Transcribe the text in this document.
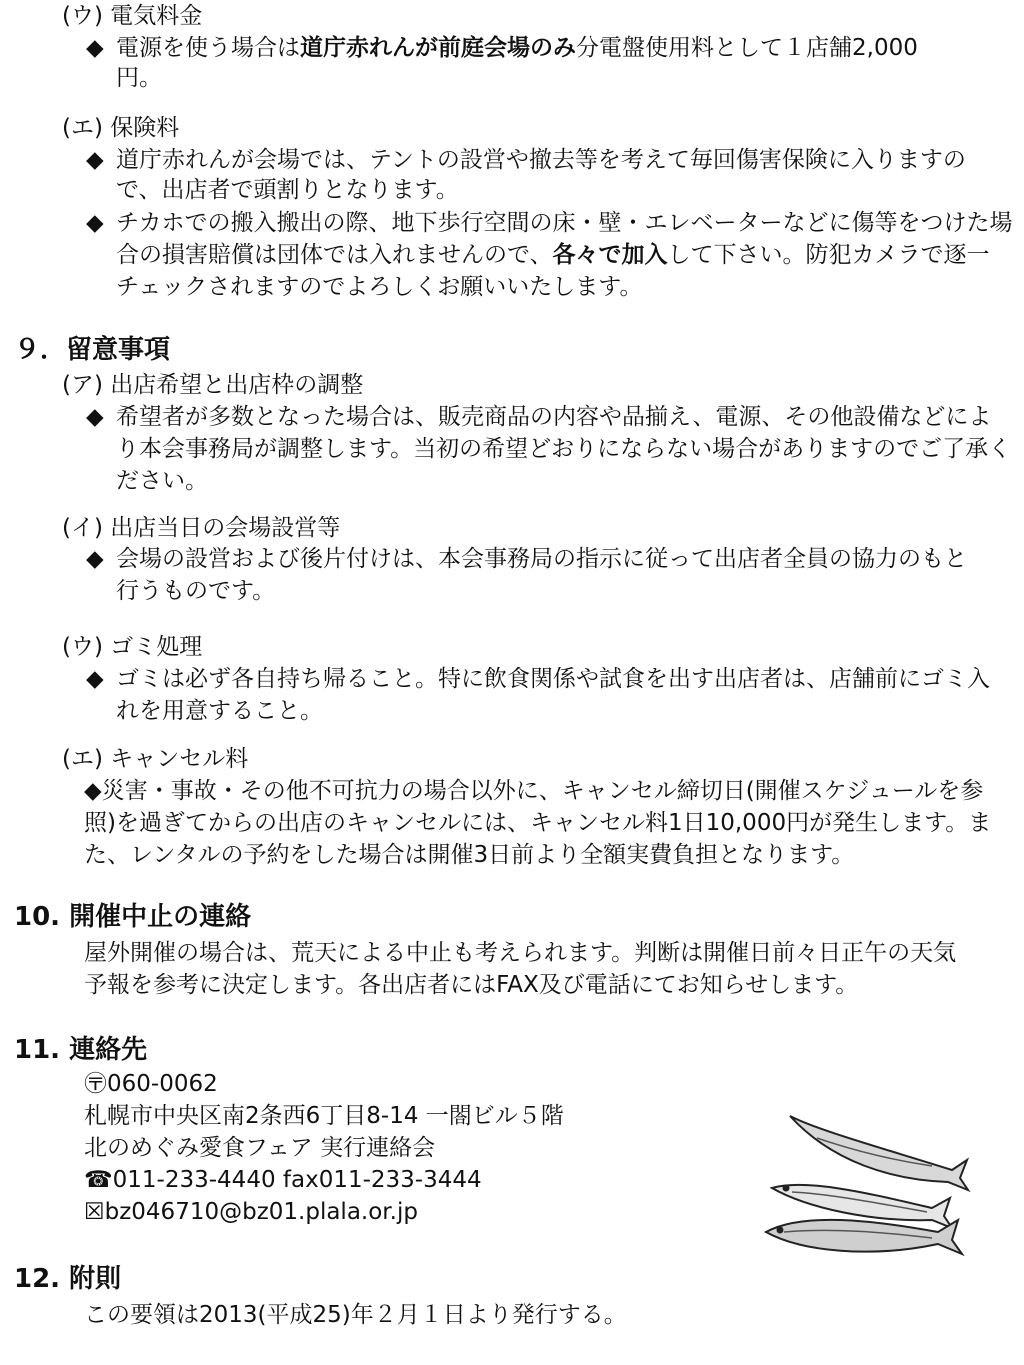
(ウ) 電気料金
◆ 電源を使う場合は道庁赤れんが前庭会場のみ分電盤使用料として１店舗2,000
円。
(エ) 保険料
◆ 道庁赤れんが会場では、テントの設営や撤去等を考えて毎回傷害保険に入りますの
で、出店者で頭割りとなります。
◆ チカホでの搬入搬出の際、地下歩行空間の床・壁・エレベーターなどに傷等をつけた場
合の損害賠償は団体では入れませんので、各々で加入して下さい。防犯カメラで逐一
チェックされますのでよろしくお願いいたします。
９．留意事項
(ア) 出店希望と出店枠の調整
◆ 希望者が多数となった場合は、販売商品の内容や品揃え、電源、その他設備などによ
り本会事務局が調整します。当初の希望どおりにならない場合がありますのでご了承く
ださい。
(イ) 出店当日の会場設営等
◆ 会場の設営および後片付けは、本会事務局の指示に従って出店者全員の協力のもと
行うものです。
(ウ) ゴミ処理
◆ ゴミは必ず各自持ち帰ること。特に飲食関係や試食を出す出店者は、店舗前にゴミ入
れを用意すること。
(エ) キャンセル料
◆災害・事故・その他不可抗力の場合以外に、キャンセル締切日(開催スケジュールを参
照)を過ぎてからの出店のキャンセルには、キャンセル料1日10,000円が発生します。ま
た、レンタルの予約をした場合は開催3日前より全額実費負担となります。
10. 開催中止の連絡
屋外開催の場合は、荒天による中止も考えられます。判断は開催日前々日正午の天気
予報を参考に決定します。各出店者にはFAX及び電話にてお知らせします。
11. 連絡先
〶060-0062
札幌市中央区南2条西6丁目8-14 一閤ビル５階
北のめぐみ愛食フェア 実行連絡会
☎011-233-4440 fax011-233-3444
☒bz046710@bz01.plala.or.jp
12. 附則
この要領は2013(平成25)年２月１日より発行する。
